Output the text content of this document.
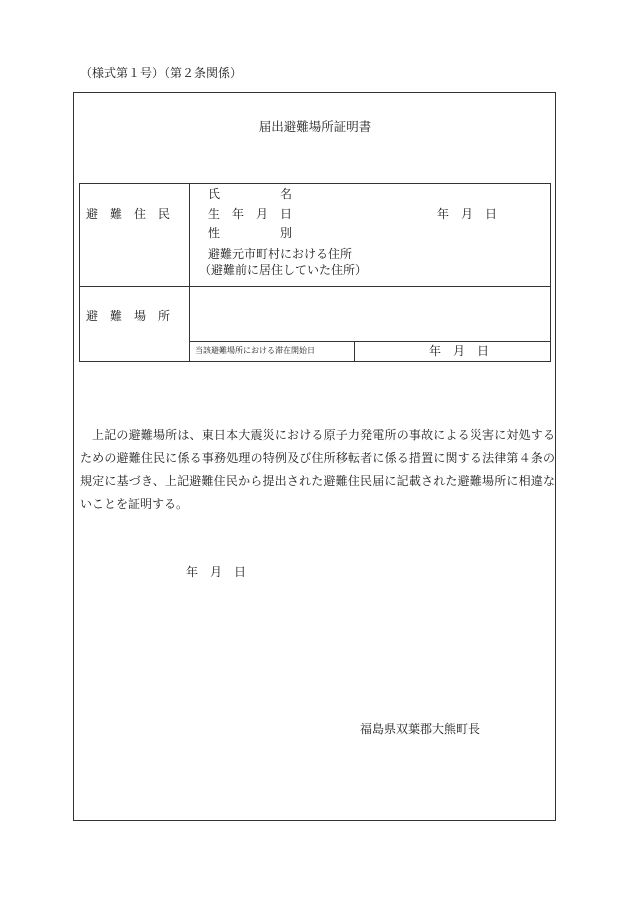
（様式第１号）（第２条関係）
届出避難場所証明書
避　難　住　民
氏　　　　　名
生　年　月　日	年　月　日
性　　　　　別
避難元市町村における住所
（避難前に居住していた住所）
避　難　場　所
当該避難場所における滞在開始日	年　月　日

上記の避難場所は、東日本大震災における原子力発電所の事故による災害に対処するための避難住民に係る事務処理の特例及び住所移転者に係る措置に関する法律第４条の規定に基づき、上記避難住民から提出された避難住民届に記載された避難場所に相違ないことを証明する。

年　月　日
福島県双葉郡大熊町長
